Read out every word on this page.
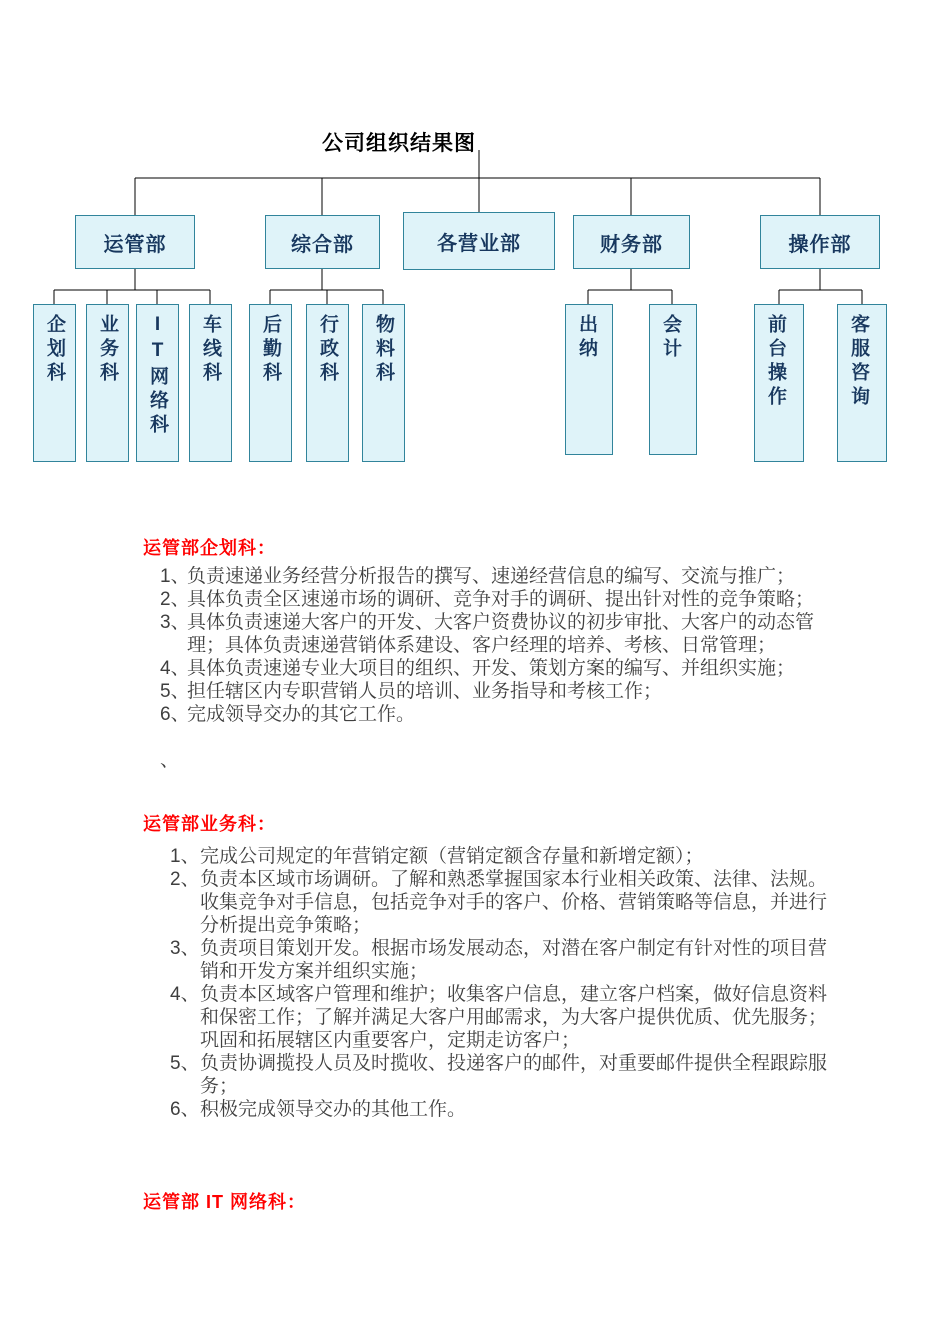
公司组织结果图
运管部	综合部	各营业部	财务部	操作部
企划科	业务科	IT网络科	车线科	后勤科	行政科	物料科	出纳	会计	前台操作	客服咨询
运管部企划科：
1、
负责速递业务经营分析报告的撰写、速递经营信息的编写、交流与推广；
2、
具体负责全区速递市场的调研、竞争对手的调研、提出针对性的竞争策略；
3、
具体负责速递大客户的开发、大客户资费协议的初步审批、大客户的动态管理；具体负责速递营销体系建设、客户经理的培养、考核、日常管理；
4、
具体负责速递专业大项目的组织、开发、策划方案的编写、并组织实施；
5、
担任辖区内专职营销人员的培训、业务指导和考核工作；
6、
完成领导交办的其它工作。
、
运管部业务科：
1、 完成公司规定的年营销定额（营销定额含存量和新增定额）；
2、 负责本区域市场调研。了解和熟悉掌握国家本行业相关政策、法律、法规。收集竞争对手信息，包括竞争对手的客户、价格、营销策略等信息，并进行分析提出竞争策略；
3、 负责项目策划开发。根据市场发展动态，对潜在客户制定有针对性的项目营销和开发方案并组织实施；
4、 负责本区域客户管理和维护；收集客户信息，建立客户档案，做好信息资料和保密工作；了解并满足大客户用邮需求，为大客户提供优质、优先服务；巩固和拓展辖区内重要客户，定期走访客户；
5、 负责协调揽投人员及时揽收、投递客户的邮件，对重要邮件提供全程跟踪服务；
6、 积极完成领导交办的其他工作。
运管部 IT 网络科：
